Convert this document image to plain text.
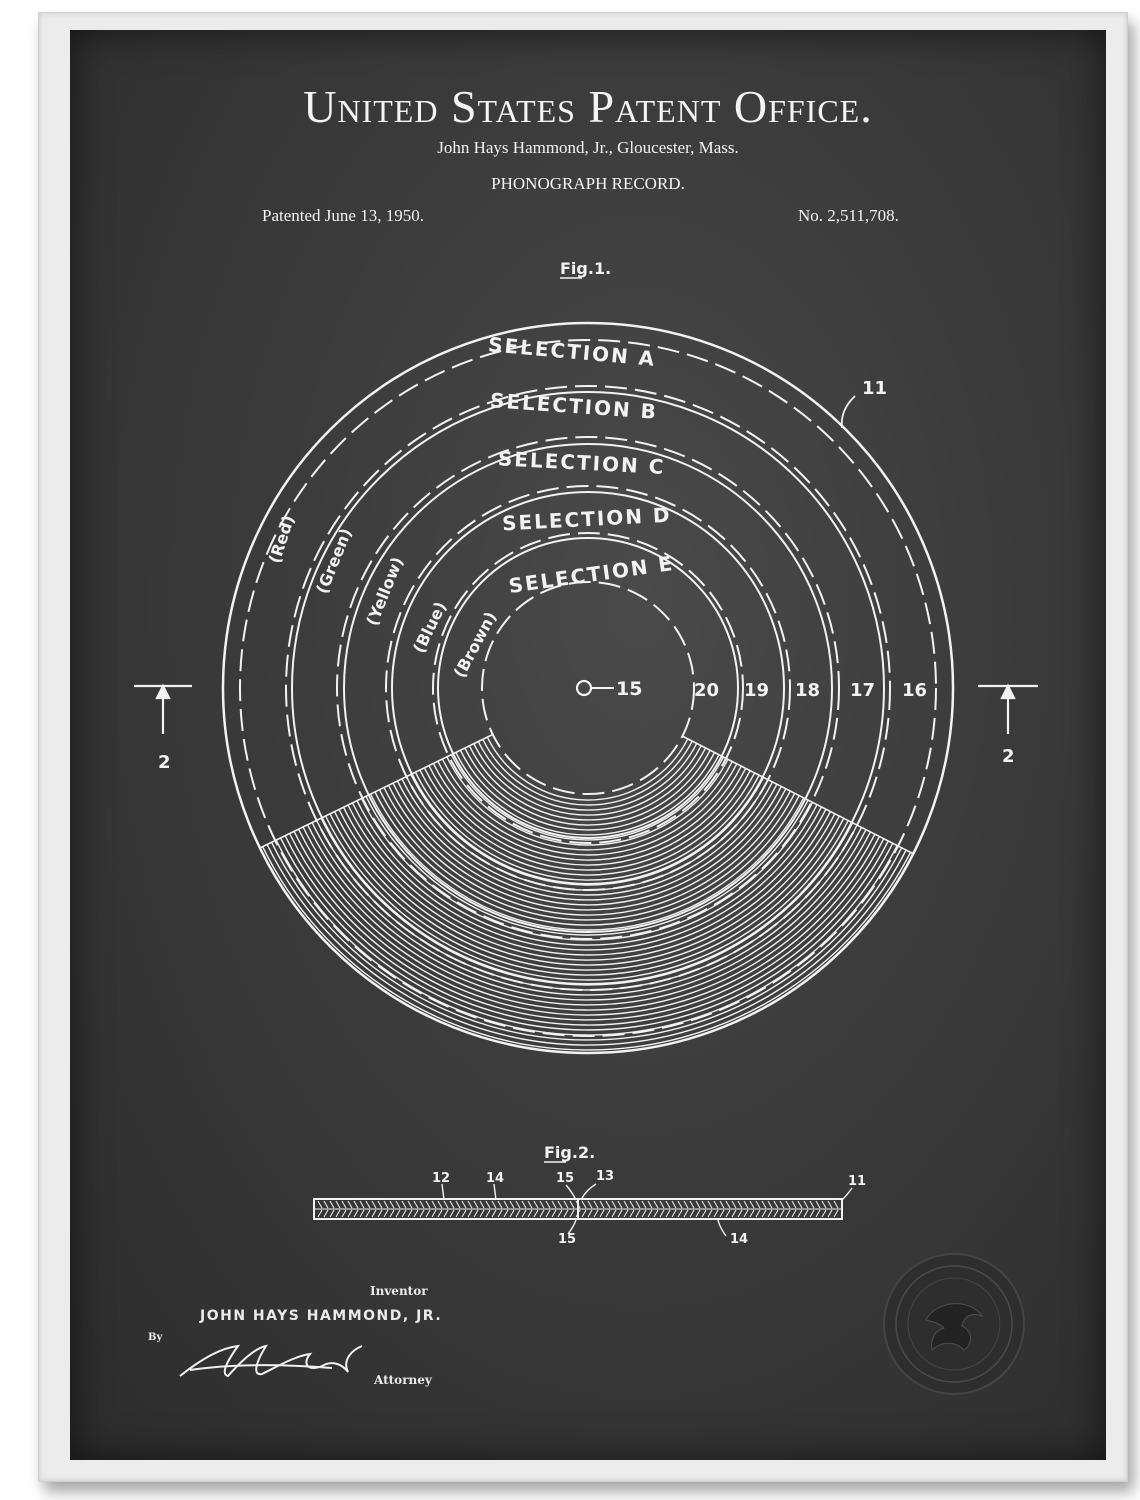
United States Patent Office.
John Hays Hammond, Jr., Gloucester, Mass.
PHONOGRAPH RECORD.
Patented June 13, 1950.	No. 2,511,708.
Fig.1.
SELECTION A
SELECTION B
SELECTION C
SELECTION D
SELECTION E
(Red) (Green) (Yellow) (Blue) (Brown)
15	20 19 18 17 16
11
2	2
Fig.2.
12	14	15 13	11
15	14
Inventor
JOHN HAYS HAMMOND, JR.
By
Attorney
